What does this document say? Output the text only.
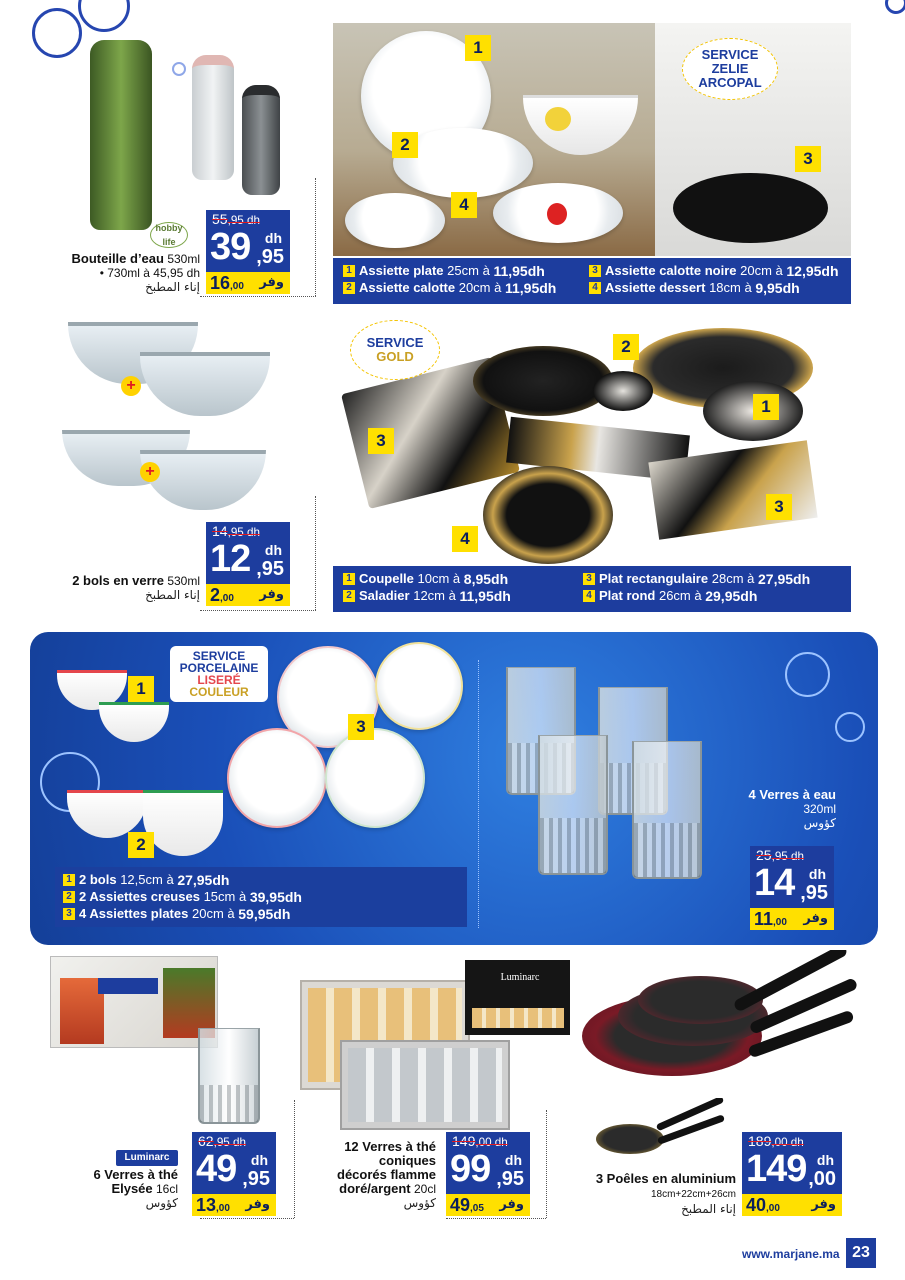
hobby life
Bouteille d’eau 530ml
• 730ml à 45,95 dh
إناء المطبخ
55,95 dh
39 dh
,95
16,00 وفر
SERVICE
ZELIE
ARCOPAL
1
2
3
4
1 Assiette plate
25cm à
11,95dh
2 Assiette calotte
20cm à
11,95dh
3 Assiette calotte noire
20cm à
12,95dh
4 Assiette dessert
18cm à
9,95dh
+
+
14,95 dh
12 dh
,95
2,00 وفر
2 bols en verre 530ml
إناء المطبخ
SERVICE
GOLD
1
2
3
3
4
1 Coupelle
10cm à
8,95dh
2 Saladier
12cm à
11,95dh
3 Plat rectangulaire
28cm à
27,95dh
4 Plat rond
26cm à
29,95dh
SERVICE
PORCELAINE
LISERÉ
COULEUR
1
2
3
1 2 bols
12,5cm à
27,95dh
2 2 Assiettes creuses
15cm à
39,95dh
3 4 Assiettes plates
20cm à
59,95dh
4 Verres à eau
320ml
كؤوس
25,95 dh
14 dh
,95
11,00 وفر
Luminarc
6 Verres à thé
Elysée 16cl
كؤوس
62,95 dh
49 dh
,95
13,00 وفر
Luminarc
12 Verres à thé
coniques
décorés flamme
doré/argent 20cl
كؤوس
149,00 dh
99 dh
,95
49,05 وفر
3 Poêles en aluminium
18cm+22cm+26cm
إناء المطبخ
189,00 dh
149 dh
,00
40,00 وفر
www.marjane.ma 23
